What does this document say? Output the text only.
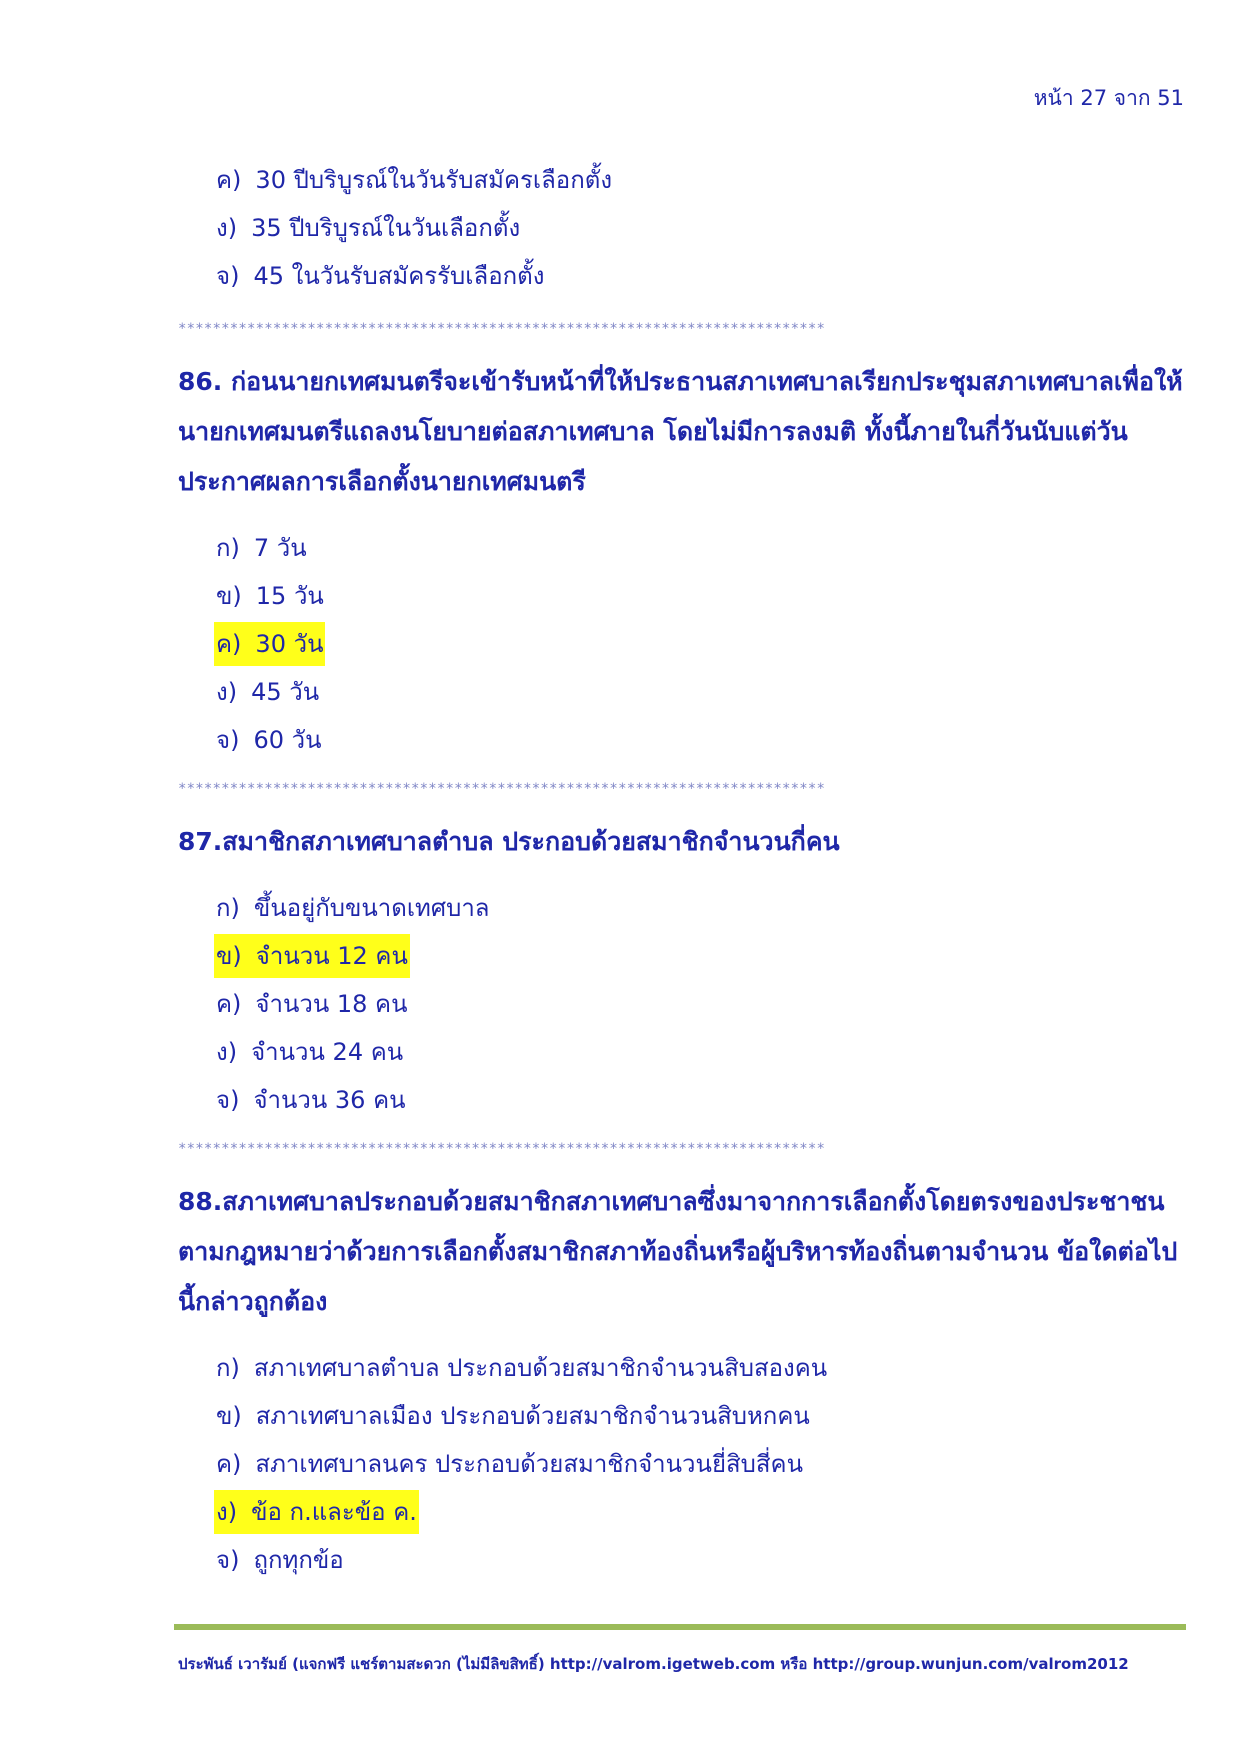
หน้า 27 จาก 51
ค) 30 ปีบริบูรณ์ในวันรับสมัครเลือกตั้ง
ง) 35 ปีบริบูรณ์ในวันเลือกตั้ง
จ) 45 ในวันรับสมัครรับเลือกตั้ง
***************************************************************************
86. ก่อนนายกเทศมนตรีจะเข้ารับหน้าที่ให้ประธานสภาเทศบาลเรียกประชุมสภาเทศบาลเพื่อให้นายกเทศมนตรีแถลงนโยบายต่อสภาเทศบาล โดยไม่มีการลงมติ ทั้งนี้ภายในกี่วันนับแต่วันประกาศผลการเลือกตั้งนายกเทศมนตรี
ก) 7 วัน
ข) 15 วัน
ค) 30 วัน
ง) 45 วัน
จ) 60 วัน
***************************************************************************
87.สมาชิกสภาเทศบาลตำบล ประกอบด้วยสมาชิกจำนวนกี่คน
ก) ขึ้นอยู่กับขนาดเทศบาล
ข) จำนวน 12 คน
ค) จำนวน 18 คน
ง) จำนวน 24 คน
จ) จำนวน 36 คน
***************************************************************************
88.สภาเทศบาลประกอบด้วยสมาชิกสภาเทศบาลซึ่งมาจากการเลือกตั้งโดยตรงของประชาชนตามกฎหมายว่าด้วยการเลือกตั้งสมาชิกสภาท้องถิ่นหรือผู้บริหารท้องถิ่นตามจำนวน ข้อใดต่อไปนี้กล่าวถูกต้อง
ก) สภาเทศบาลตำบล ประกอบด้วยสมาชิกจำนวนสิบสองคน
ข) สภาเทศบาลเมือง ประกอบด้วยสมาชิกจำนวนสิบหกคน
ค) สภาเทศบาลนคร ประกอบด้วยสมาชิกจำนวนยี่สิบสี่คน
ง) ข้อ ก.และข้อ ค.
จ) ถูกทุกข้อ
ประพันธ์ เวารัมย์ (แจกฟรี แชร์ตามสะดวก (ไม่มีลิขสิทธิ์) http://valrom.igetweb.com หรือ http://group.wunjun.com/valrom2012
